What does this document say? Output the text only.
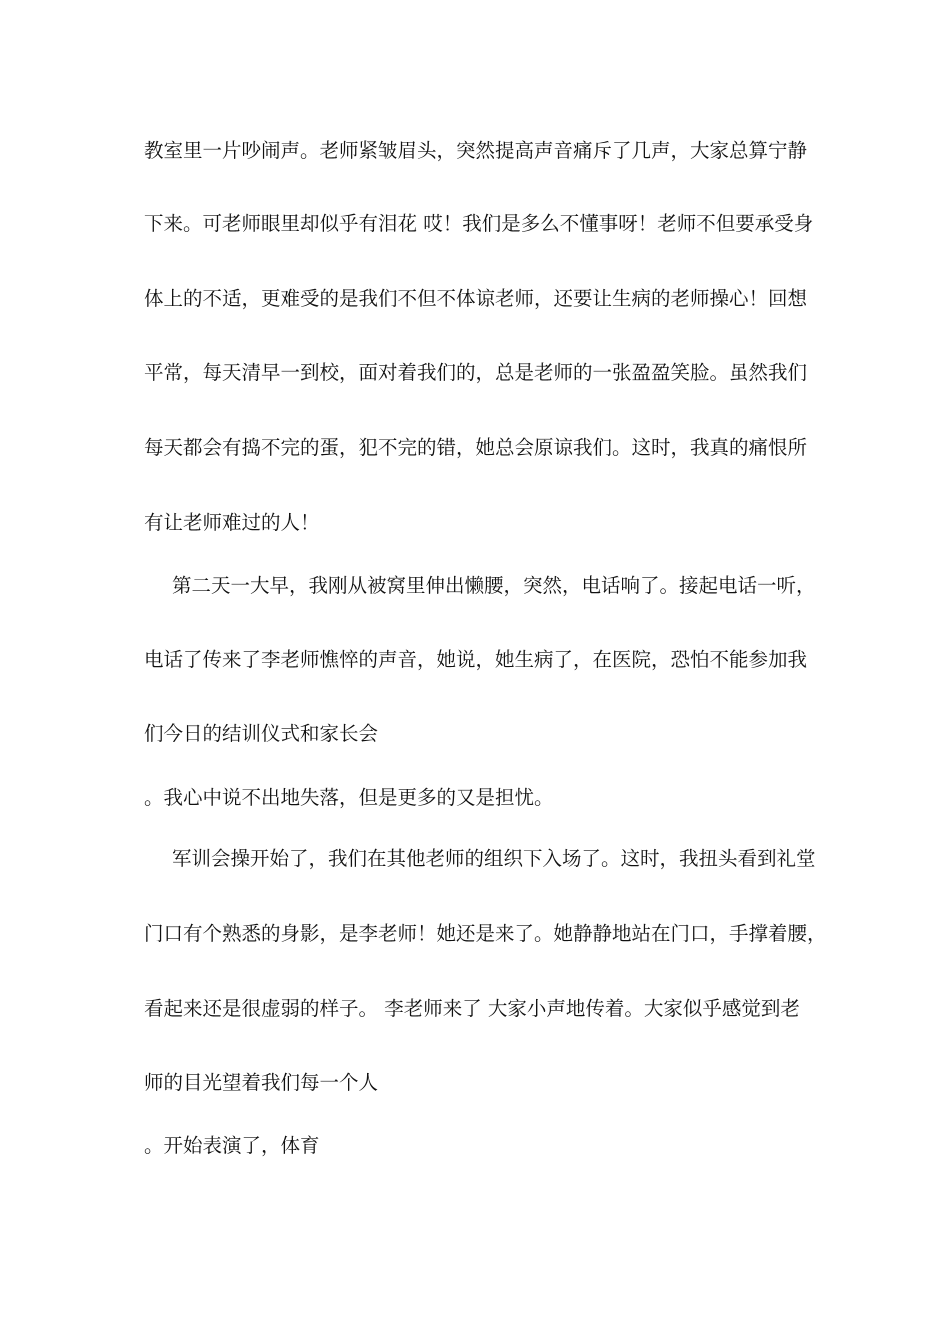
教室里一片吵闹声。老师紧皱眉头，突然提高声音痛斥了几声，大家总算宁静
下来。可老师眼里却似乎有泪花 哎！我们是多么不懂事呀！老师不但要承受身
体上的不适，更难受的是我们不但不体谅老师，还要让生病的老师操心！回想
平常，每天清早一到校，面对着我们的，总是老师的一张盈盈笑脸。虽然我们
每天都会有捣不完的蛋，犯不完的错，她总会原谅我们。这时，我真的痛恨所
有让老师难过的人！
第二天一大早，我刚从被窝里伸出懒腰，突然，电话响了。接起电话一听，
电话了传来了李老师憔悴的声音，她说，她生病了，在医院，恐怕不能参加我
们今日的结训仪式和家长会
。我心中说不出地失落，但是更多的又是担忧。
军训会操开始了，我们在其他老师的组织下入场了。这时，我扭头看到礼堂
门口有个熟悉的身影，是李老师！她还是来了。她静静地站在门口，手撑着腰，
看起来还是很虚弱的样子。 李老师来了 大家小声地传着。大家似乎感觉到老
师的目光望着我们每一个人
。开始表演了，体育
